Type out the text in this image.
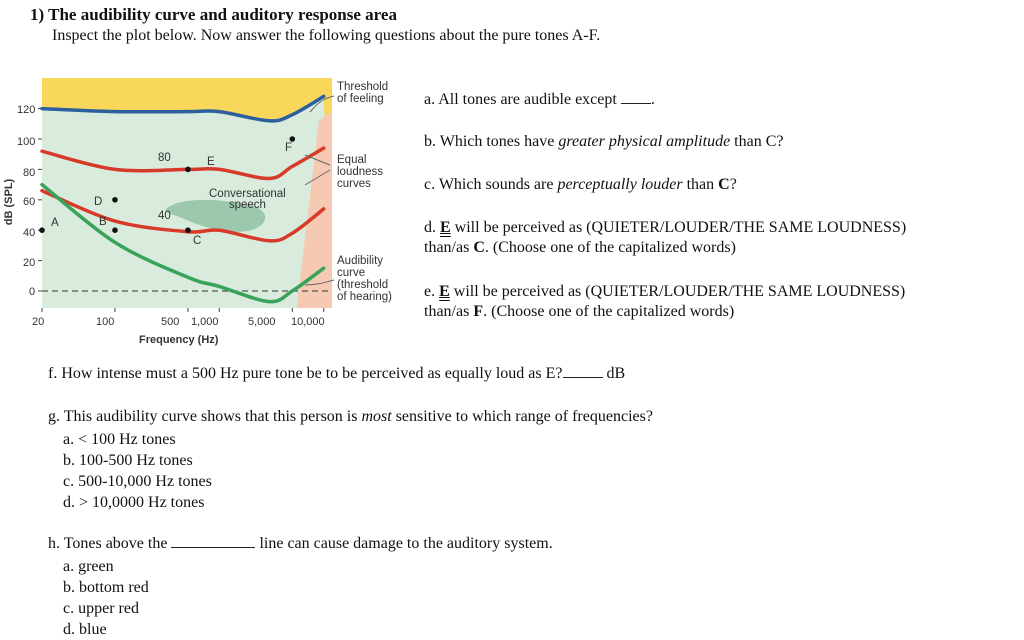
1) The audibility curve and auditory response area
Inspect the plot below. Now answer the following questions about the pure tones A-F.
120
100
80
60
40
20
0
dB (SPL)
20	100	500 1,000	5,000 10,000
Frequency (Hz)
Threshold
of feeling
Equal
loudness
curves
Audibility
curve
(threshold
of hearing)
Conversational
speech
80
40
A	B
C
D
E
F
a. All tones are audible except .
b. Which tones have greater physical amplitude than C?
c. Which sounds are perceptually louder than C?
d. E will be perceived as (QUIETER/LOUDER/THE SAME LOUDNESS)
than/as C. (Choose one of the capitalized words)
e. E will be perceived as (QUIETER/LOUDER/THE SAME LOUDNESS)
than/as F. (Choose one of the capitalized words)
f. How intense must a 500 Hz pure tone be to be perceived as equally loud as E?	dB
g. This audibility curve shows that this person is most sensitive to which range of frequencies?
a. < 100 Hz tones
b. 100-500 Hz tones
c. 500-10,000 Hz tones
d. > 10,0000 Hz tones
h. Tones above the	line can cause damage to the auditory system.
a. green
b. bottom red
c. upper red
d. blue
